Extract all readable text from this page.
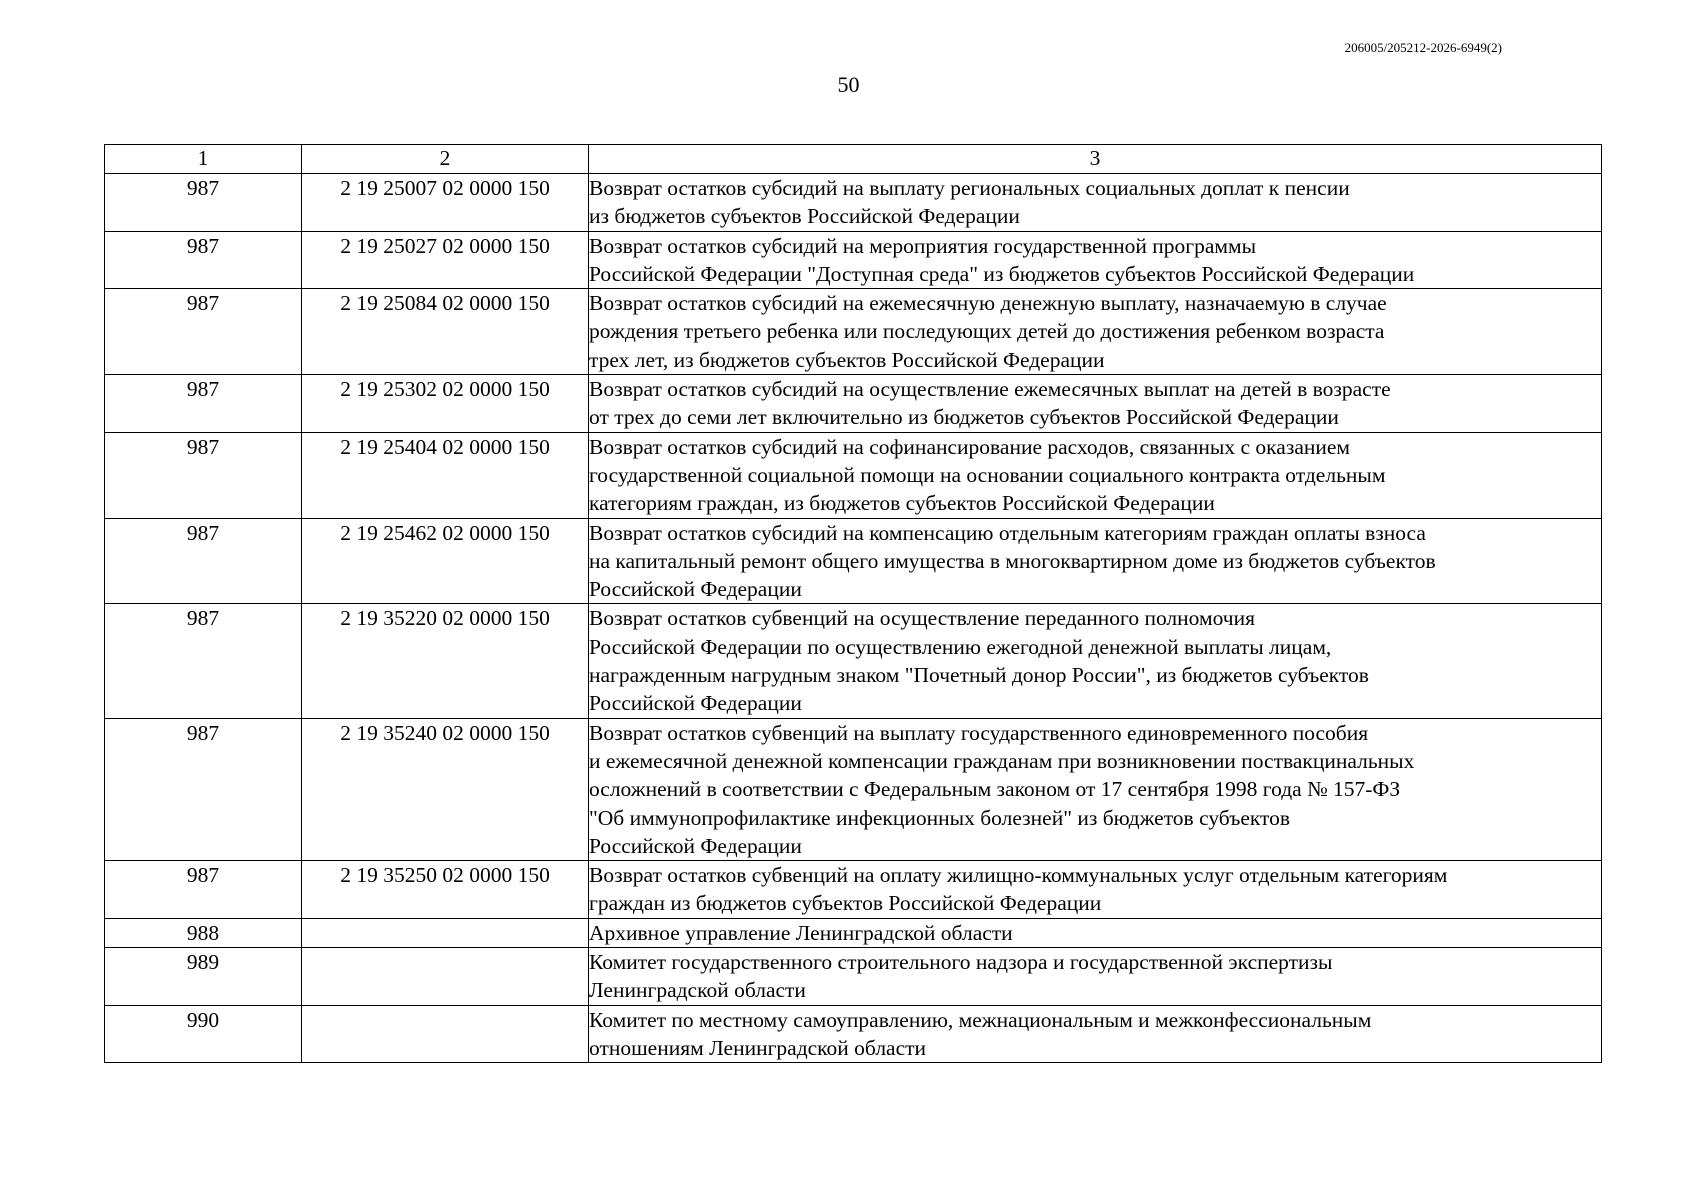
206005/205212-2026-6949(2)
50
1	2	3
987	2 19 25007 02 0000 150	Возврат остатков субсидий на выплату региональных социальных доплат к пенсии
из бюджетов субъектов Российской Федерации
987	2 19 25027 02 0000 150	Возврат остатков субсидий на мероприятия государственной программы
Российской Федерации "Доступная среда" из бюджетов субъектов Российской Федерации
987	2 19 25084 02 0000 150	Возврат остатков субсидий на ежемесячную денежную выплату, назначаемую в случае
рождения третьего ребенка или последующих детей до достижения ребенком возраста
трех лет, из бюджетов субъектов Российской Федерации
987	2 19 25302 02 0000 150	Возврат остатков субсидий на осуществление ежемесячных выплат на детей в возрасте
от трех до семи лет включительно из бюджетов субъектов Российской Федерации
987	2 19 25404 02 0000 150	Возврат остатков субсидий на софинансирование расходов, связанных с оказанием
государственной социальной помощи на основании социального контракта отдельным
категориям граждан, из бюджетов субъектов Российской Федерации
987	2 19 25462 02 0000 150	Возврат остатков субсидий на компенсацию отдельным категориям граждан оплаты взноса
на капитальный ремонт общего имущества в многоквартирном доме из бюджетов субъектов
Российской Федерации
987	2 19 35220 02 0000 150	Возврат остатков субвенций на осуществление переданного полномочия
Российской Федерации по осуществлению ежегодной денежной выплаты лицам,
награжденным нагрудным знаком "Почетный донор России", из бюджетов субъектов
Российской Федерации
987	2 19 35240 02 0000 150	Возврат остатков субвенций на выплату государственного единовременного пособия
и ежемесячной денежной компенсации гражданам при возникновении поствакцинальных
осложнений в соответствии с Федеральным законом от 17 сентября 1998 года № 157-ФЗ
"Об иммунопрофилактике инфекционных болезней" из бюджетов субъектов
Российской Федерации
987	2 19 35250 02 0000 150	Возврат остатков субвенций на оплату жилищно-коммунальных услуг отдельным категориям
граждан из бюджетов субъектов Российской Федерации
988		Архивное управление Ленинградской области
989		Комитет государственного строительного надзора и государственной экспертизы
Ленинградской области
990		Комитет по местному самоуправлению, межнациональным и межконфессиональным
отношениям Ленинградской области
